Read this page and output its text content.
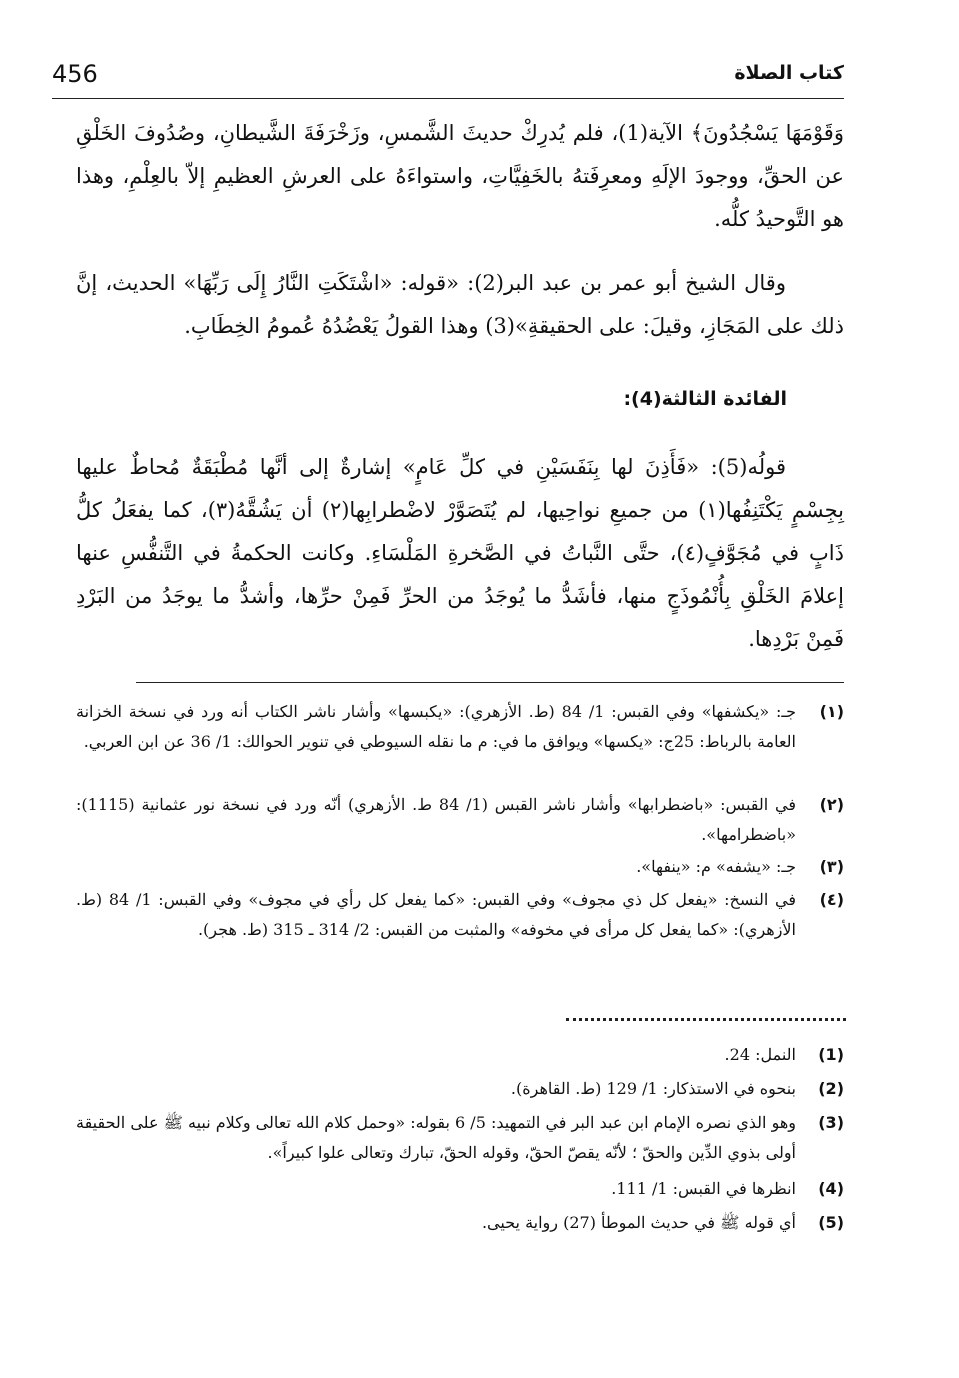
456	كتاب الصلاة

وَقَوْمَهَا يَسْجُدُونَ﴾ الآية(1)، فلم يُدرِكْ حديثَ الشَّمسِ، وزَخْرَفَةَ الشَّيطانِ، وصُدُوفَ الخَلْقِ عن الحقِّ، ووجودَ الإلَهِ ومعرِفَتهُ بالخَفِيَّاتِ، واستواءَهُ على العرشِ العظيمِ إلاّ بالعِلْمِ، وهذا هو التَّوحيدُ كلُّه.

وقال الشيخ أبو عمر بن عبد البر(2): «قوله: «اشْتَكَتِ النَّارُ إِلَى رَبِّهَا» الحديث، إنَّ ذلك على المَجَازِ، وقيلَ: على الحقيقةِ»(3) وهذا القولُ يَعْضُدُهُ عُمومُ الخِطَابِ.

الفائدة الثالثة(4):

قولُه(5): «فَأَذِنَ لها بِنَفَسَيْنِ في كلِّ عَامٍ» إشارةٌ إلى أنَّها مُطْبَقَةٌ مُحاطٌ عليها بِجِسْمٍ يَكْتَنِفُها(١) من جميعِ نواحِيها، لم يُتَصَوَّرْ لاضْطرابِها(٢) أن يَشُقَّهُ(٣)، كما يفعَلُ كلُّ ذَابٍ في مُجَوَّفٍ(٤)، حتَّى النَّباتُ في الصَّخرةِ المَلْسَاءِ. وكانت الحكمةُ في التَّنفُّسِ عنها إعلامَ الخَلْقِ بِأُنْمُوذَجٍ منها، فأشَدُّ ما يُوجَدُ من الحرِّ فَمِنْ حرِّها، وأشدُّ ما يوجَدُ من البَرْدِ فَمِنْ بَرْدِها.

(١)
جـ: «يكشفها» وفي القبس: 1/ 84 (ط. الأزهري): «يكبسها» وأشار ناشر الكتاب أنه ورد في نسخة الخزانة العامة بالرباط: 25ج: «يكسها» ويوافق ما في: م ما نقله السيوطي في تنوير الحوالك: 1/ 36 عن ابن العربي.
(٢)
في القبس: «باضطرابها» وأشار ناشر القبس (1/ 84 ط. الأزهري) أنّه ورد في نسخة نور عثمانية (1115): «باضطرامها».
(٣)
جـ: «يشفه» م: «ينفها».
(٤)
في النسخ: «يفعل كل ذي مجوف» وفي القبس: «كما يفعل كل رأي في مجوف» وفي القبس: 1/ 84 (ط. الأزهري): «كما يفعل كل مرأى في مخوفه» والمثبت من القبس: 2/ 314 ـ 315 (ط. هجر).
(1)
النمل: 24.
(2)
بنحوه في الاستذكار: 1/ 129 (ط. القاهرة).
(3)
وهو الذي نصره الإمام ابن عبد البر في التمهيد: 5/ 6 بقوله: «وحمل كلام الله تعالى وكلام نبيه ﷺ على الحقيقة أولى بذوي الدِّين والحقّ ؛ لأنّه يقصّ الحقّ، وقوله الحقّ، تبارك وتعالى علوا كبيراً».
(4)
انظرها في القبس: 1/ 111.
(5)
أي قوله ﷺ في حديث الموطأ (27) رواية يحيى.
